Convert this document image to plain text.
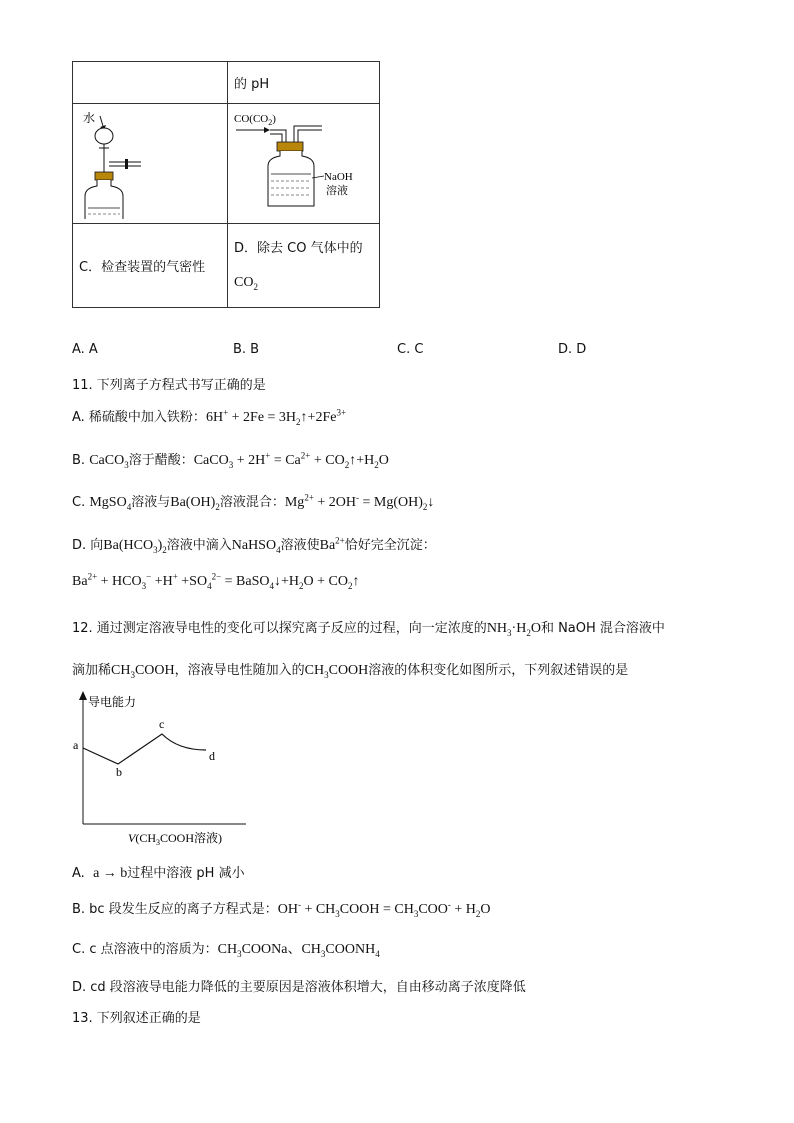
	的 pH

水	$CO(CO_2)$
NaOH
溶液

C．检查装置的气密性	D．除去 CO 气体中的
$CO_2$
A. A	B. B	C. C	D. D
11. 下列离子方程式书写正确的是
A. 稀硫酸中加入铁粉：$6H^+ + 2Fe = 3H_2↑+2Fe^{3+}$
B. CaCO$_3$溶于醋酸：CaCO$_3$ + $2H^+ = Ca^{2+}$ + $CO_2↑+H_2O$
C. MgSO$_4$溶液与$Ba(OH)_2$溶液混合：$Mg^{2+} + 2OH^-$ = $Mg(OH)_2↓$
D. 向$Ba(HCO_3)_2$溶液中滴入NaHSO$_4$溶液使$Ba^{2+}$恰好完全沉淀：
$Ba^{2+} + HCO_3^- +H^+ +SO_4^{2-}$ = $BaSO_4↓+H_2O$ + $CO_2↑$
12. 通过测定溶液导电性的变化可以探究离子反应的过程，向一定浓度的$NH_3\cdot H_2O$和 NaOH 混合溶液中
滴加稀$CH_3COOH$，溶液导电性随加入的$CH_3COOH$溶液的体积变化如图所示，下列叙述错误的是
导电能力
a
b
c
d
$V(CH_3COOH$溶液)
A. a → b过程中溶液 pH 减小
B. bc 段发生反应的离子方程式是：$OH^- + CH_3COOH = CH_3COO^- + H_2O$
C. c 点溶液中的溶质为：$CH_3COONa$、$CH_3COONH_4$
D. cd 段溶液导电能力降低的主要原因是溶液体积增大，自由移动离子浓度降低
13. 下列叙述正确的是
